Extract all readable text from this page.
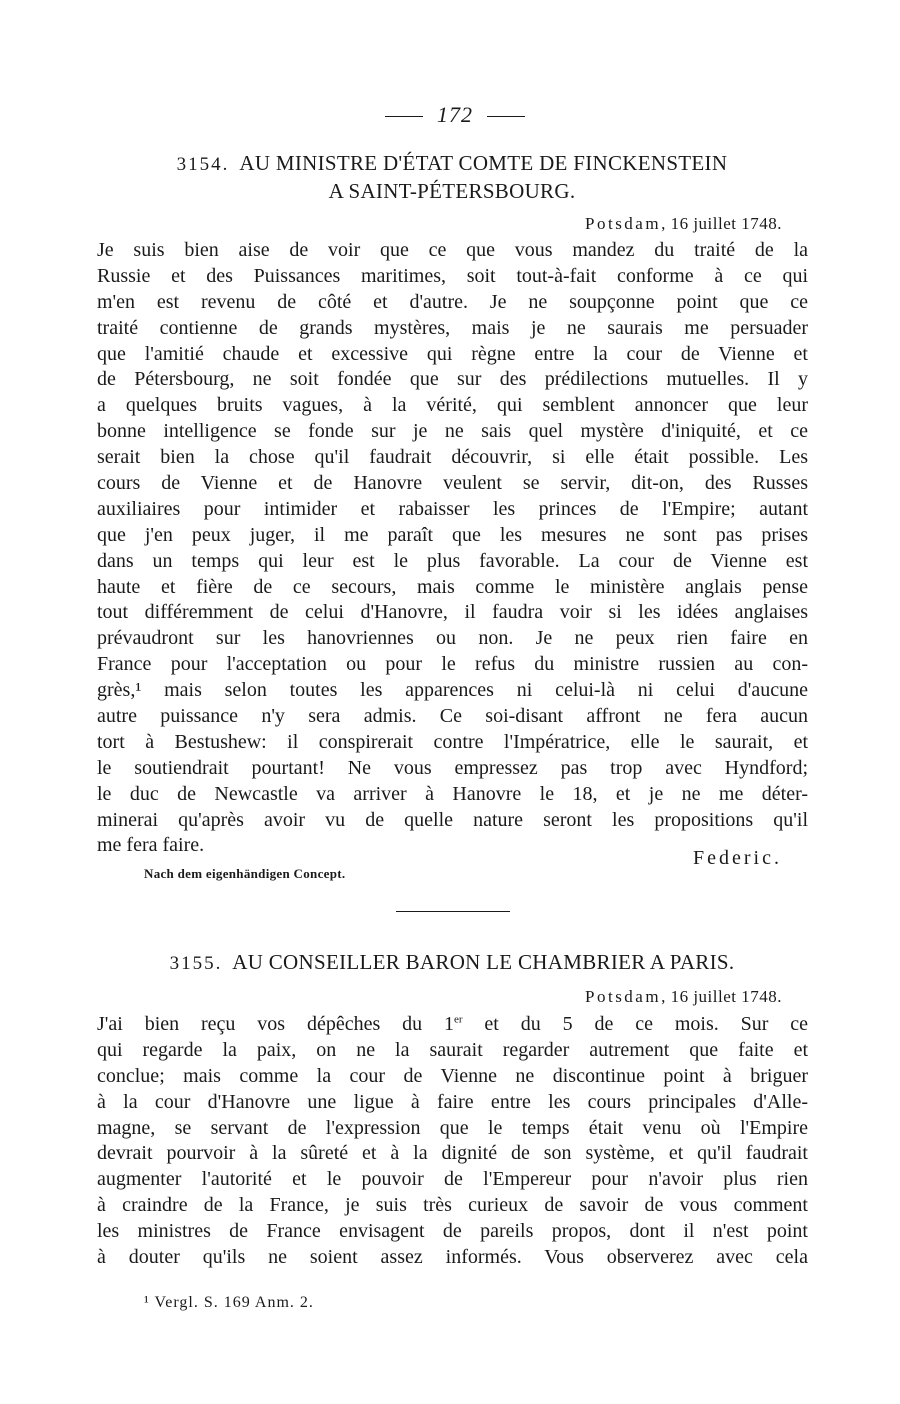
172
3154. AU MINISTRE D'ÉTAT COMTE DE FINCKENSTEIN
A SAINT-PÉTERSBOURG.
Potsdam, 16 juillet 1748.
Je suis bien aise de voir que ce que vous mandez du traité de la
Russie et des Puissances maritimes, soit tout-à-fait conforme à ce qui
m'en est revenu de côté et d'autre. Je ne soupçonne point que ce
traité contienne de grands mystères, mais je ne saurais me persuader
que l'amitié chaude et excessive qui règne entre la cour de Vienne et
de Pétersbourg, ne soit fondée que sur des prédilections mutuelles. Il y
a quelques bruits vagues, à la vérité, qui semblent annoncer que leur
bonne intelligence se fonde sur je ne sais quel mystère d'iniquité, et ce
serait bien la chose qu'il faudrait découvrir, si elle était possible. Les
cours de Vienne et de Hanovre veulent se servir, dit-on, des Russes
auxiliaires pour intimider et rabaisser les princes de l'Empire; autant
que j'en peux juger, il me paraît que les mesures ne sont pas prises
dans un temps qui leur est le plus favorable. La cour de Vienne est
haute et fière de ce secours, mais comme le ministère anglais pense
tout différemment de celui d'Hanovre, il faudra voir si les idées anglaises
prévaudront sur les hanovriennes ou non. Je ne peux rien faire en
France pour l'acceptation ou pour le refus du ministre russien au con-
grès,¹ mais selon toutes les apparences ni celui-là ni celui d'aucune
autre puissance n'y sera admis. Ce soi-disant affront ne fera aucun
tort à Bestushew: il conspirerait contre l'Impératrice, elle le saurait, et
le soutiendrait pourtant! Ne vous empressez pas trop avec Hyndford;
le duc de Newcastle va arriver à Hanovre le 18, et je ne me déter-
minerai qu'après avoir vu de quelle nature seront les propositions qu'il
me fera faire.
Federic.
Nach dem eigenhändigen Concept.
3155. AU CONSEILLER BARON LE CHAMBRIER A PARIS.
Potsdam, 16 juillet 1748.
J'ai bien reçu vos dépêches du 1er et du 5 de ce mois. Sur ce
qui regarde la paix, on ne la saurait regarder autrement que faite et
conclue; mais comme la cour de Vienne ne discontinue point à briguer
à la cour d'Hanovre une ligue à faire entre les cours principales d'Alle-
magne, se servant de l'expression que le temps était venu où l'Empire
devrait pourvoir à la sûreté et à la dignité de son système, et qu'il faudrait
augmenter l'autorité et le pouvoir de l'Empereur pour n'avoir plus rien
à craindre de la France, je suis très curieux de savoir de vous comment
les ministres de France envisagent de pareils propos, dont il n'est point
à douter qu'ils ne soient assez informés. Vous observerez avec cela
¹ Vergl. S. 169 Anm. 2.
